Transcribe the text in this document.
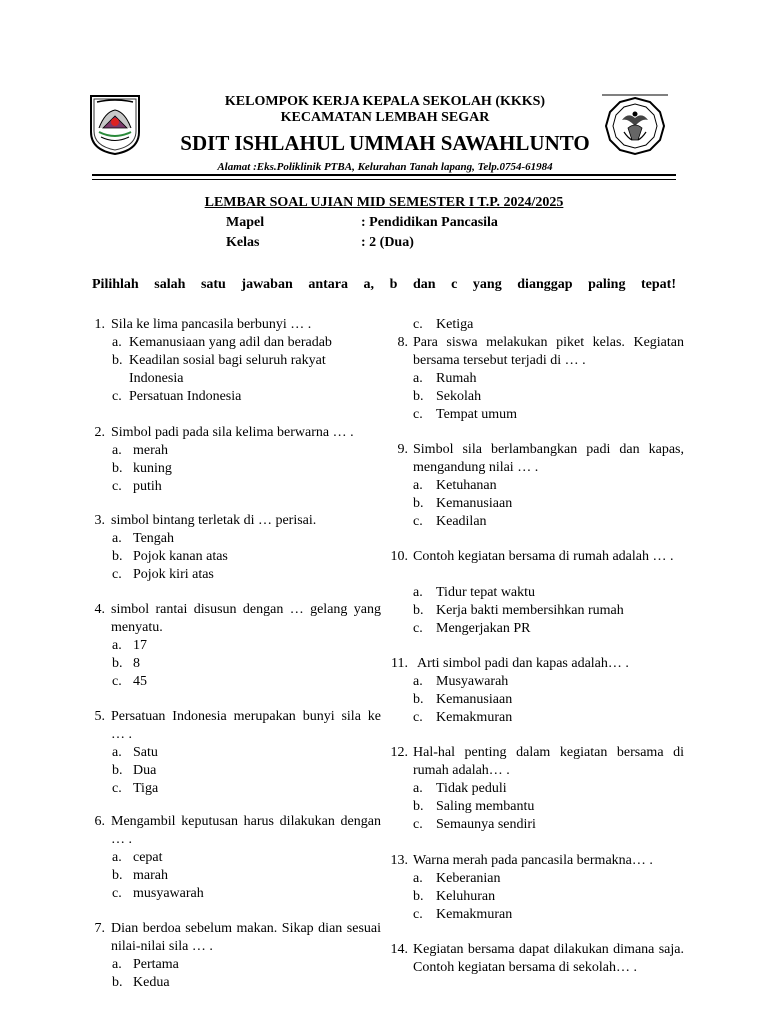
KELOMPOK KERJA KEPALA SEKOLAH (KKKS)
KECAMATAN LEMBAH SEGAR
SDIT ISHLAHUL UMMAH SAWAHLUNTO
Alamat :Eks.Poliklinik PTBA, Kelurahan Tanah lapang, Telp.0754-61984
LEMBAR SOAL UJIAN MID SEMESTER I T.P. 2024/2025
Mapel	: Pendidikan Pancasila
Kelas	: 2 (Dua)
Pilihlah salah satu jawaban antara a, b dan c yang dianggap paling tepat!
1. Sila ke lima pancasila berbunyi … .
a. Kemanusiaan yang adil dan beradab
b. Keadilan sosial bagi seluruh rakyat Indonesia
c. Persatuan Indonesia
2. Simbol padi pada sila kelima berwarna … .
a. merah
b. kuning
c. putih
3. simbol bintang terletak di … perisai.
a. Tengah
b. Pojok kanan atas
c. Pojok kiri atas
4. simbol rantai disusun dengan … gelang yang menyatu.
a. 17
b. 8
c. 45
5. Persatuan Indonesia merupakan bunyi sila ke … .
a. Satu
b. Dua
c. Tiga
6. Mengambil keputusan harus dilakukan dengan … .
a. cepat
b. marah
c. musyawarah
7. Dian berdoa sebelum makan. Sikap dian sesuai nilai-nilai sila … .
a. Pertama
b. Kedua
c. Ketiga
8. Para siswa melakukan piket kelas. Kegiatan bersama tersebut terjadi di … .
a. Rumah
b. Sekolah
c. Tempat umum
9. Simbol sila berlambangkan padi dan kapas, mengandung nilai … .
a. Ketuhanan
b. Kemanusiaan
c. Keadilan
10. Contoh kegiatan bersama di rumah adalah … .
a. Tidur tepat waktu
b. Kerja bakti membersihkan rumah
c. Mengerjakan PR
11. Arti simbol padi dan kapas adalah… .
a. Musyawarah
b. Kemanusiaan
c. Kemakmuran
12. Hal-hal penting dalam kegiatan bersama di rumah adalah… .
a. Tidak peduli
b. Saling membantu
c. Semaunya sendiri
13. Warna merah pada pancasila bermakna… .
a. Keberanian
b. Keluhuran
c. Kemakmuran
14. Kegiatan bersama dapat dilakukan dimana saja. Contoh kegiatan bersama di sekolah… .
